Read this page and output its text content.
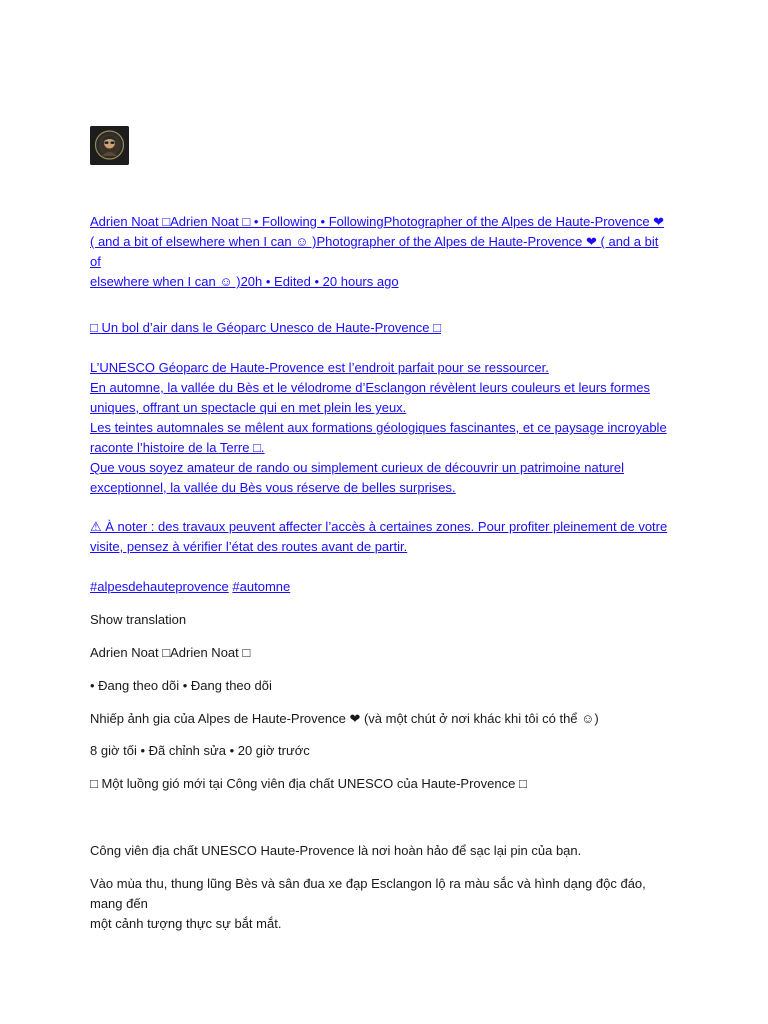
Adrien Noat □Adrien Noat □ • Following • FollowingPhotographer of the Alpes de Haute-Provence ❤
( and a bit of elsewhere when I can ☺ )Photographer of the Alpes de Haute-Provence ❤ ( and a bit of
elsewhere when I can ☺ )20h • Edited • 20 hours ago
□ Un bol d’air dans le Géoparc Unesco de Haute-Provence □
L’UNESCO Géoparc de Haute-Provence est l’endroit parfait pour se ressourcer.
En automne, la vallée du Bès et le vélodrome d’Esclangon révèlent leurs couleurs et leurs formes
uniques, offrant un spectacle qui en met plein les yeux.
Les teintes automnales se mêlent aux formations géologiques fascinantes, et ce paysage incroyable
raconte l’histoire de la Terre □.
Que vous soyez amateur de rando ou simplement curieux de découvrir un patrimoine naturel
exceptionnel, la vallée du Bès vous réserve de belles surprises.
⚠ À noter : des travaux peuvent affecter l’accès à certaines zones. Pour profiter pleinement de votre
visite, pensez à vérifier l’état des routes avant de partir.
#alpesdehauteprovence #automne
Show translation
Adrien Noat □Adrien Noat □
• Đang theo dõi • Đang theo dõi
Nhiếp ảnh gia của Alpes de Haute-Provence ❤ (và một chút ở nơi khác khi tôi có thể ☺)
8 giờ tối • Đã chỉnh sửa • 20 giờ trước
□ Một luồng gió mới tại Công viên địa chất UNESCO của Haute-Provence □
Công viên địa chất UNESCO Haute-Provence là nơi hoàn hảo để sạc lại pin của bạn.
Vào mùa thu, thung lũng Bès và sân đua xe đạp Esclangon lộ ra màu sắc và hình dạng độc đáo, mang đến
một cảnh tượng thực sự bắt mắt.
